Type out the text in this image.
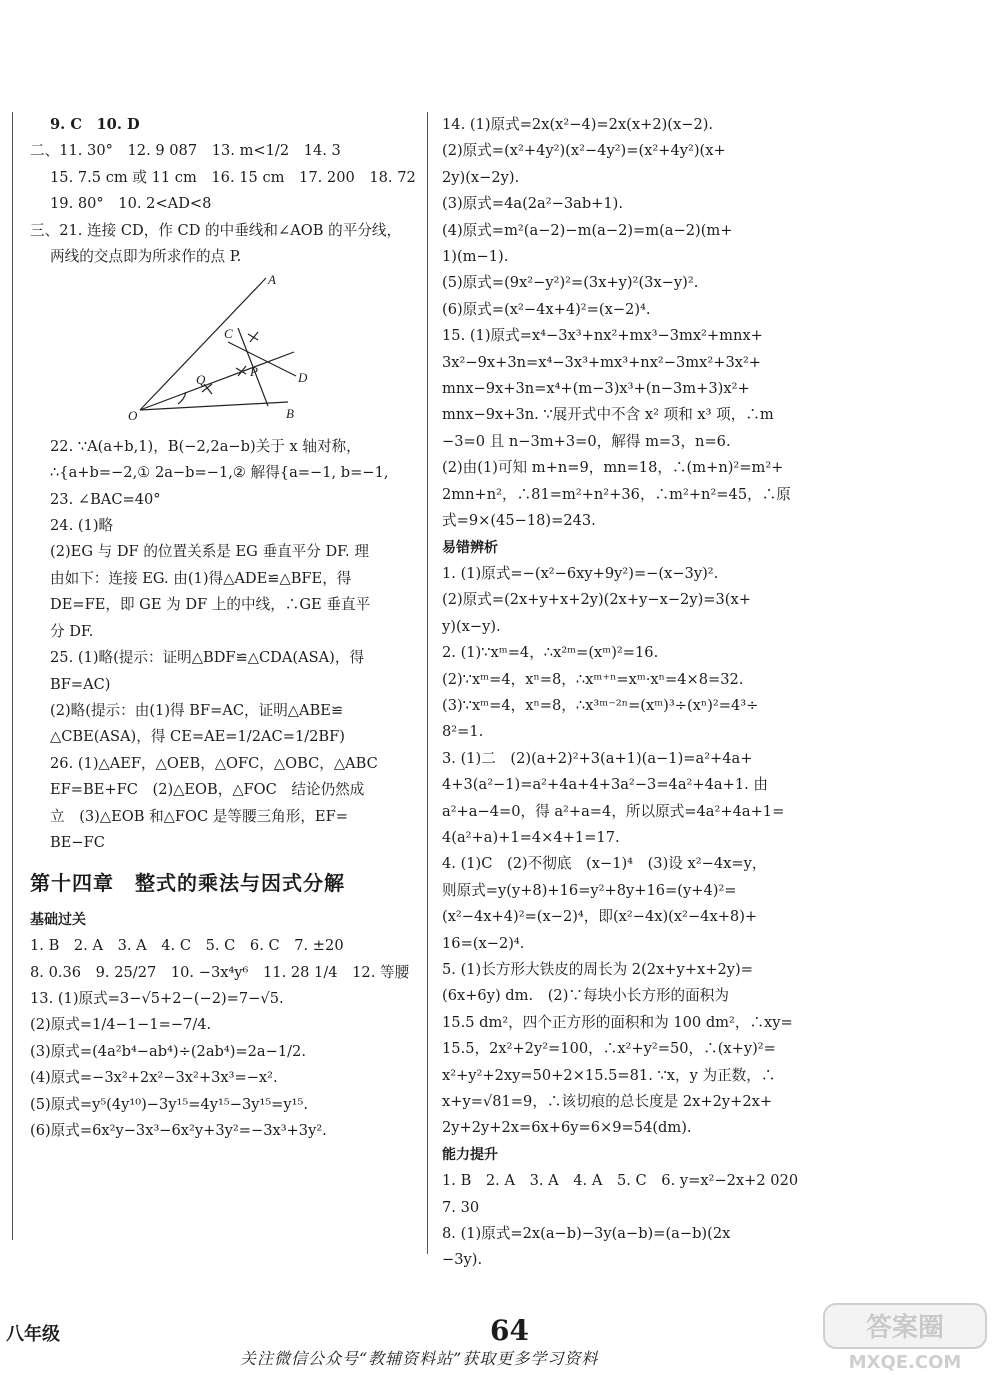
9. C　10. D
二、11. 30°　12. 9 087　13. m<1/2　14. 3
15. 7.5 cm 或 11 cm　16. 15 cm　17. 200　18. 72
19. 80°　10. 2<AD<8
三、21. 连接 CD，作 CD 的中垂线和∠AOB 的平分线，
两线的交点即为所求作的点 P.
A
C
Q
P	D
O	B
22. ∵A(a+b,1)，B(−2,2a−b)关于 x 轴对称，
∴{a+b=−2,① 2a−b=−1,② 解得{a=−1, b=−1,
23. ∠BAC=40°
24. (1)略
(2)EG 与 DF 的位置关系是 EG 垂直平分 DF. 理
由如下：连接 EG. 由(1)得△ADE≌△BFE，得
DE=FE，即 GE 为 DF 上的中线，∴GE 垂直平
分 DF.
25. (1)略(提示：证明△BDF≌△CDA(ASA)，得
BF=AC)
(2)略(提示：由(1)得 BF=AC，证明△ABE≌
△CBE(ASA)，得 CE=AE=1/2AC=1/2BF)
26. (1)△AEF，△OEB，△OFC，△OBC，△ABC
EF=BE+FC　(2)△EOB，△FOC　结论仍然成
立　(3)△EOB 和△FOC 是等腰三角形，EF=
BE−FC
第十四章　整式的乘法与因式分解
基础过关
1. B　2. A　3. A　4. C　5. C　6. C　7. ±20
8. 0.36　9. 25/27　10. −3x⁴y⁶　11. 28 1/4　12. 等腰
13. (1)原式=3−√5+2−(−2)=7−√5.
(2)原式=1/4−1−1=−7/4.
(3)原式=(4a²b⁴−ab⁴)÷(2ab⁴)=2a−1/2.
(4)原式=−3x²+2x²−3x²+3x³=−x².
(5)原式=y⁵(4y¹⁰)−3y¹⁵=4y¹⁵−3y¹⁵=y¹⁵.
(6)原式=6x²y−3x³−6x²y+3y²=−3x³+3y².
14. (1)原式=2x(x²−4)=2x(x+2)(x−2).
(2)原式=(x²+4y²)(x²−4y²)=(x²+4y²)(x+
2y)(x−2y).
(3)原式=4a(2a²−3ab+1).
(4)原式=m²(a−2)−m(a−2)=m(a−2)(m+
1)(m−1).
(5)原式=(9x²−y²)²=(3x+y)²(3x−y)².
(6)原式=(x²−4x+4)²=(x−2)⁴.
15. (1)原式=x⁴−3x³+nx²+mx³−3mx²+mnx+
3x²−9x+3n=x⁴−3x³+mx³+nx²−3mx²+3x²+
mnx−9x+3n=x⁴+(m−3)x³+(n−3m+3)x²+
mnx−9x+3n. ∵展开式中不含 x² 项和 x³ 项，∴m
−3=0 且 n−3m+3=0，解得 m=3，n=6.
(2)由(1)可知 m+n=9，mn=18，∴(m+n)²=m²+
2mn+n²，∴81=m²+n²+36，∴m²+n²=45，∴原
式=9×(45−18)=243.
易错辨析
1. (1)原式=−(x²−6xy+9y²)=−(x−3y)².
(2)原式=(2x+y+x+2y)(2x+y−x−2y)=3(x+
y)(x−y).
2. (1)∵xᵐ=4，∴x²ᵐ=(xᵐ)²=16.
(2)∵xᵐ=4，xⁿ=8，∴xᵐ⁺ⁿ=xᵐ·xⁿ=4×8=32.
(3)∵xᵐ=4，xⁿ=8，∴x³ᵐ⁻²ⁿ=(xᵐ)³÷(xⁿ)²=4³÷
8²=1.
3. (1)二　(2)(a+2)²+3(a+1)(a−1)=a²+4a+
4+3(a²−1)=a²+4a+4+3a²−3=4a²+4a+1. 由
a²+a−4=0，得 a²+a=4，所以原式=4a²+4a+1=
4(a²+a)+1=4×4+1=17.
4. (1)C　(2)不彻底　(x−1)⁴　(3)设 x²−4x=y，
则原式=y(y+8)+16=y²+8y+16=(y+4)²=
(x²−4x+4)²=(x−2)⁴，即(x²−4x)(x²−4x+8)+
16=(x−2)⁴.
5. (1)长方形大铁皮的周长为 2(2x+y+x+2y)=
(6x+6y) dm.　(2)∵每块小长方形的面积为
15.5 dm²，四个正方形的面积和为 100 dm²，∴xy=
15.5，2x²+2y²=100，∴x²+y²=50，∴(x+y)²=
x²+y²+2xy=50+2×15.5=81. ∵x，y 为正数，∴
x+y=√81=9，∴该切痕的总长度是 2x+2y+2x+
2y+2y+2x=6x+6y=6×9=54(dm).
能力提升
1. B　2. A　3. A　4. A　5. C　6. y=x²−2x+2 020
7. 30
8. (1)原式=2x(a−b)−3y(a−b)=(a−b)(2x
−3y).
八年级	64
关注微信公众号“教辅资料站”获取更多学习资料
答案圈
MXQE.COM
